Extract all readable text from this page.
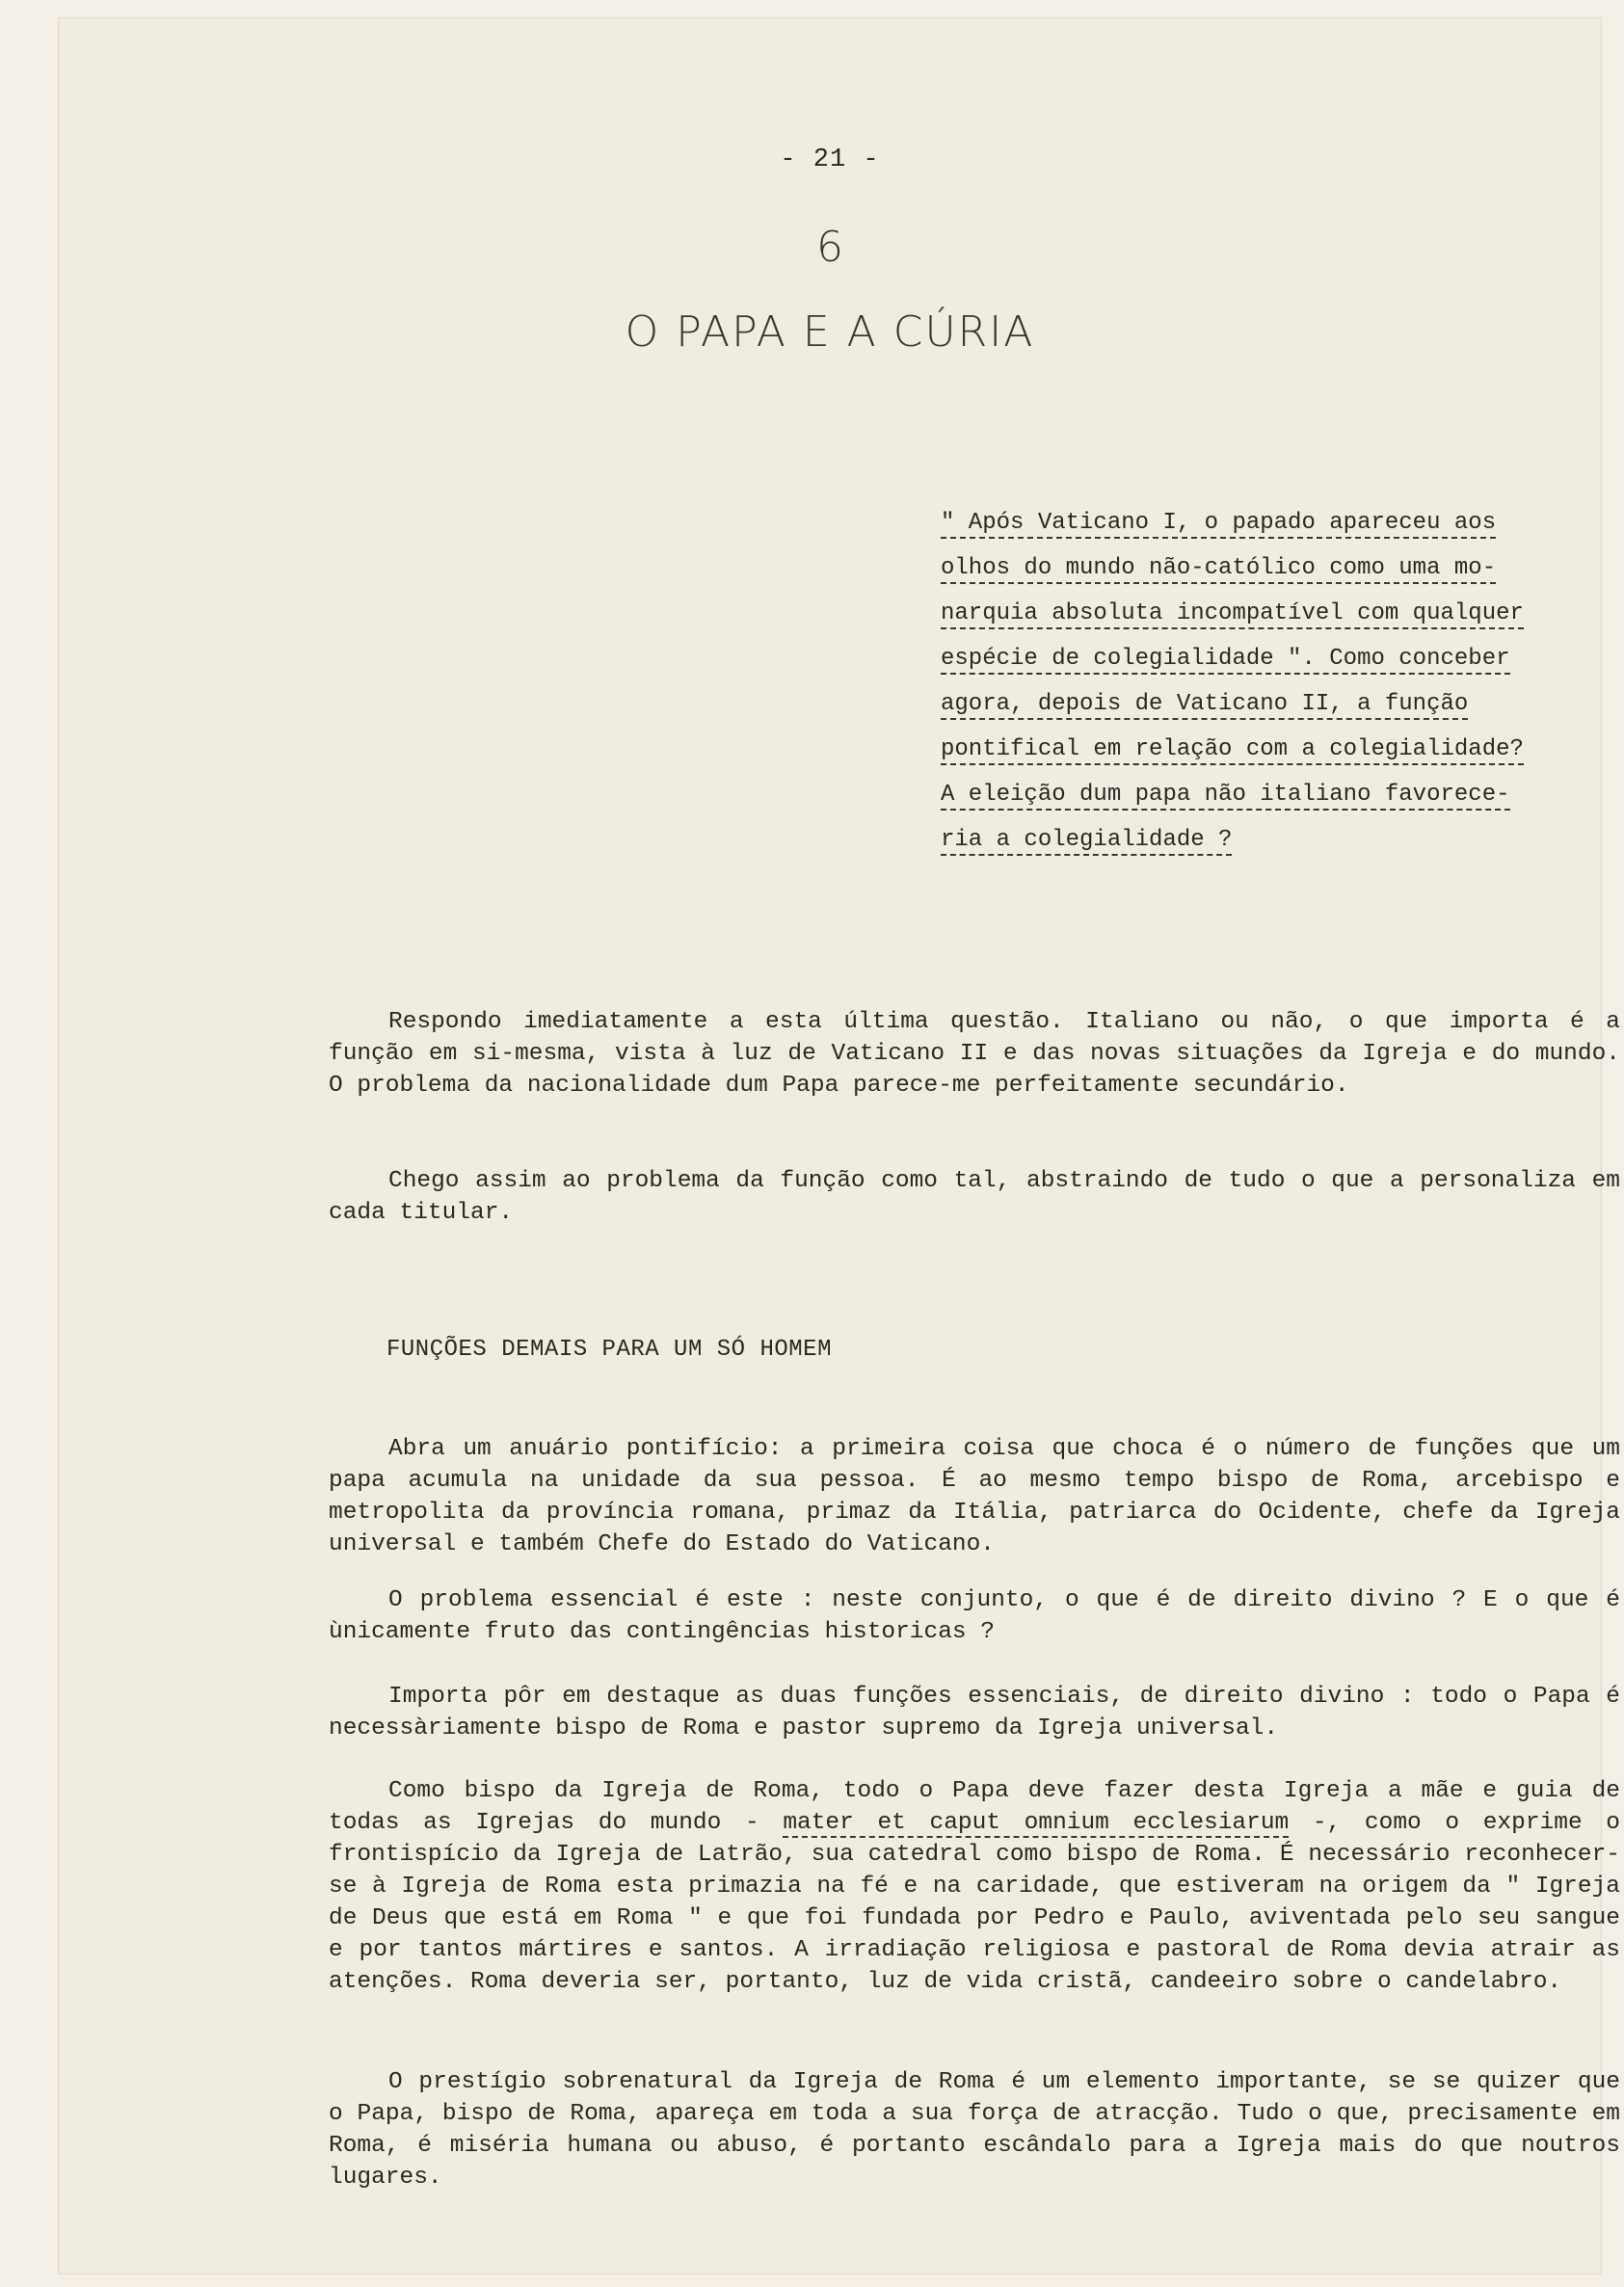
- 21 -
6
O PAPA E A CÚRIA
" Após Vaticano I, o papado apareceu aos
olhos do mundo não-católico como uma mo-
narquia absoluta incompatível com qualquer
espécie de colegialidade ". Como conceber
agora, depois de Vaticano II, a função
pontifical em relação com a colegialidade?
A eleição dum papa não italiano favorece-
ria a colegialidade ?

Respondo imediatamente a esta última questão. Italiano ou não, o que importa é a função em si-mesma, vista à luz de Vaticano II e das novas situações da Igreja e do mundo. O problema da nacionalidade dum Papa parece-me perfeitamente secundário.

Chego assim ao problema da função como tal, abstraindo de tudo o que a personaliza em cada titular.

FUNÇÕES DEMAIS PARA UM SÓ HOMEM

Abra um anuário pontifício: a primeira coisa que choca é o número de funções que um papa acumula na unidade da sua pessoa. É ao mesmo tempo bispo de Roma, arcebispo e metropolita da província romana, primaz da Itália, patriarca do Ocidente, chefe da Igreja universal e também Chefe do Estado do Vaticano.

O problema essencial é este : neste conjunto, o que é de direito divino ? E o que é ùnicamente fruto das contingências historicas ?

Importa pôr em destaque as duas funções essenciais, de direito divino : todo o Papa é necessàriamente bispo de Roma e pastor supremo da Igreja universal.

Como bispo da Igreja de Roma, todo o Papa deve fazer desta Igreja a mãe e guia de todas as Igrejas do mundo - mater et caput omnium ecclesiarum -, como o exprime o frontispício da Igreja de Latrão, sua catedral como bispo de Roma. É necessário reconhecer-se à Igreja de Roma esta primazia na fé e na caridade, que estiveram na origem da " Igreja de Deus que está em Roma " e que foi fundada por Pedro e Paulo, aviventada pelo seu sangue e por tantos mártires e santos. A irradiação religiosa e pastoral de Roma devia atrair as atenções. Roma deveria ser, portanto, luz de vida cristã, candeeiro sobre o candelabro.

O prestígio sobrenatural da Igreja de Roma é um elemento importante, se se quizer que o Papa, bispo de Roma, apareça em toda a sua força de atracção. Tudo o que, precisamente em Roma, é miséria humana ou abuso, é portanto escândalo para a Igreja mais do que noutros lugares.
